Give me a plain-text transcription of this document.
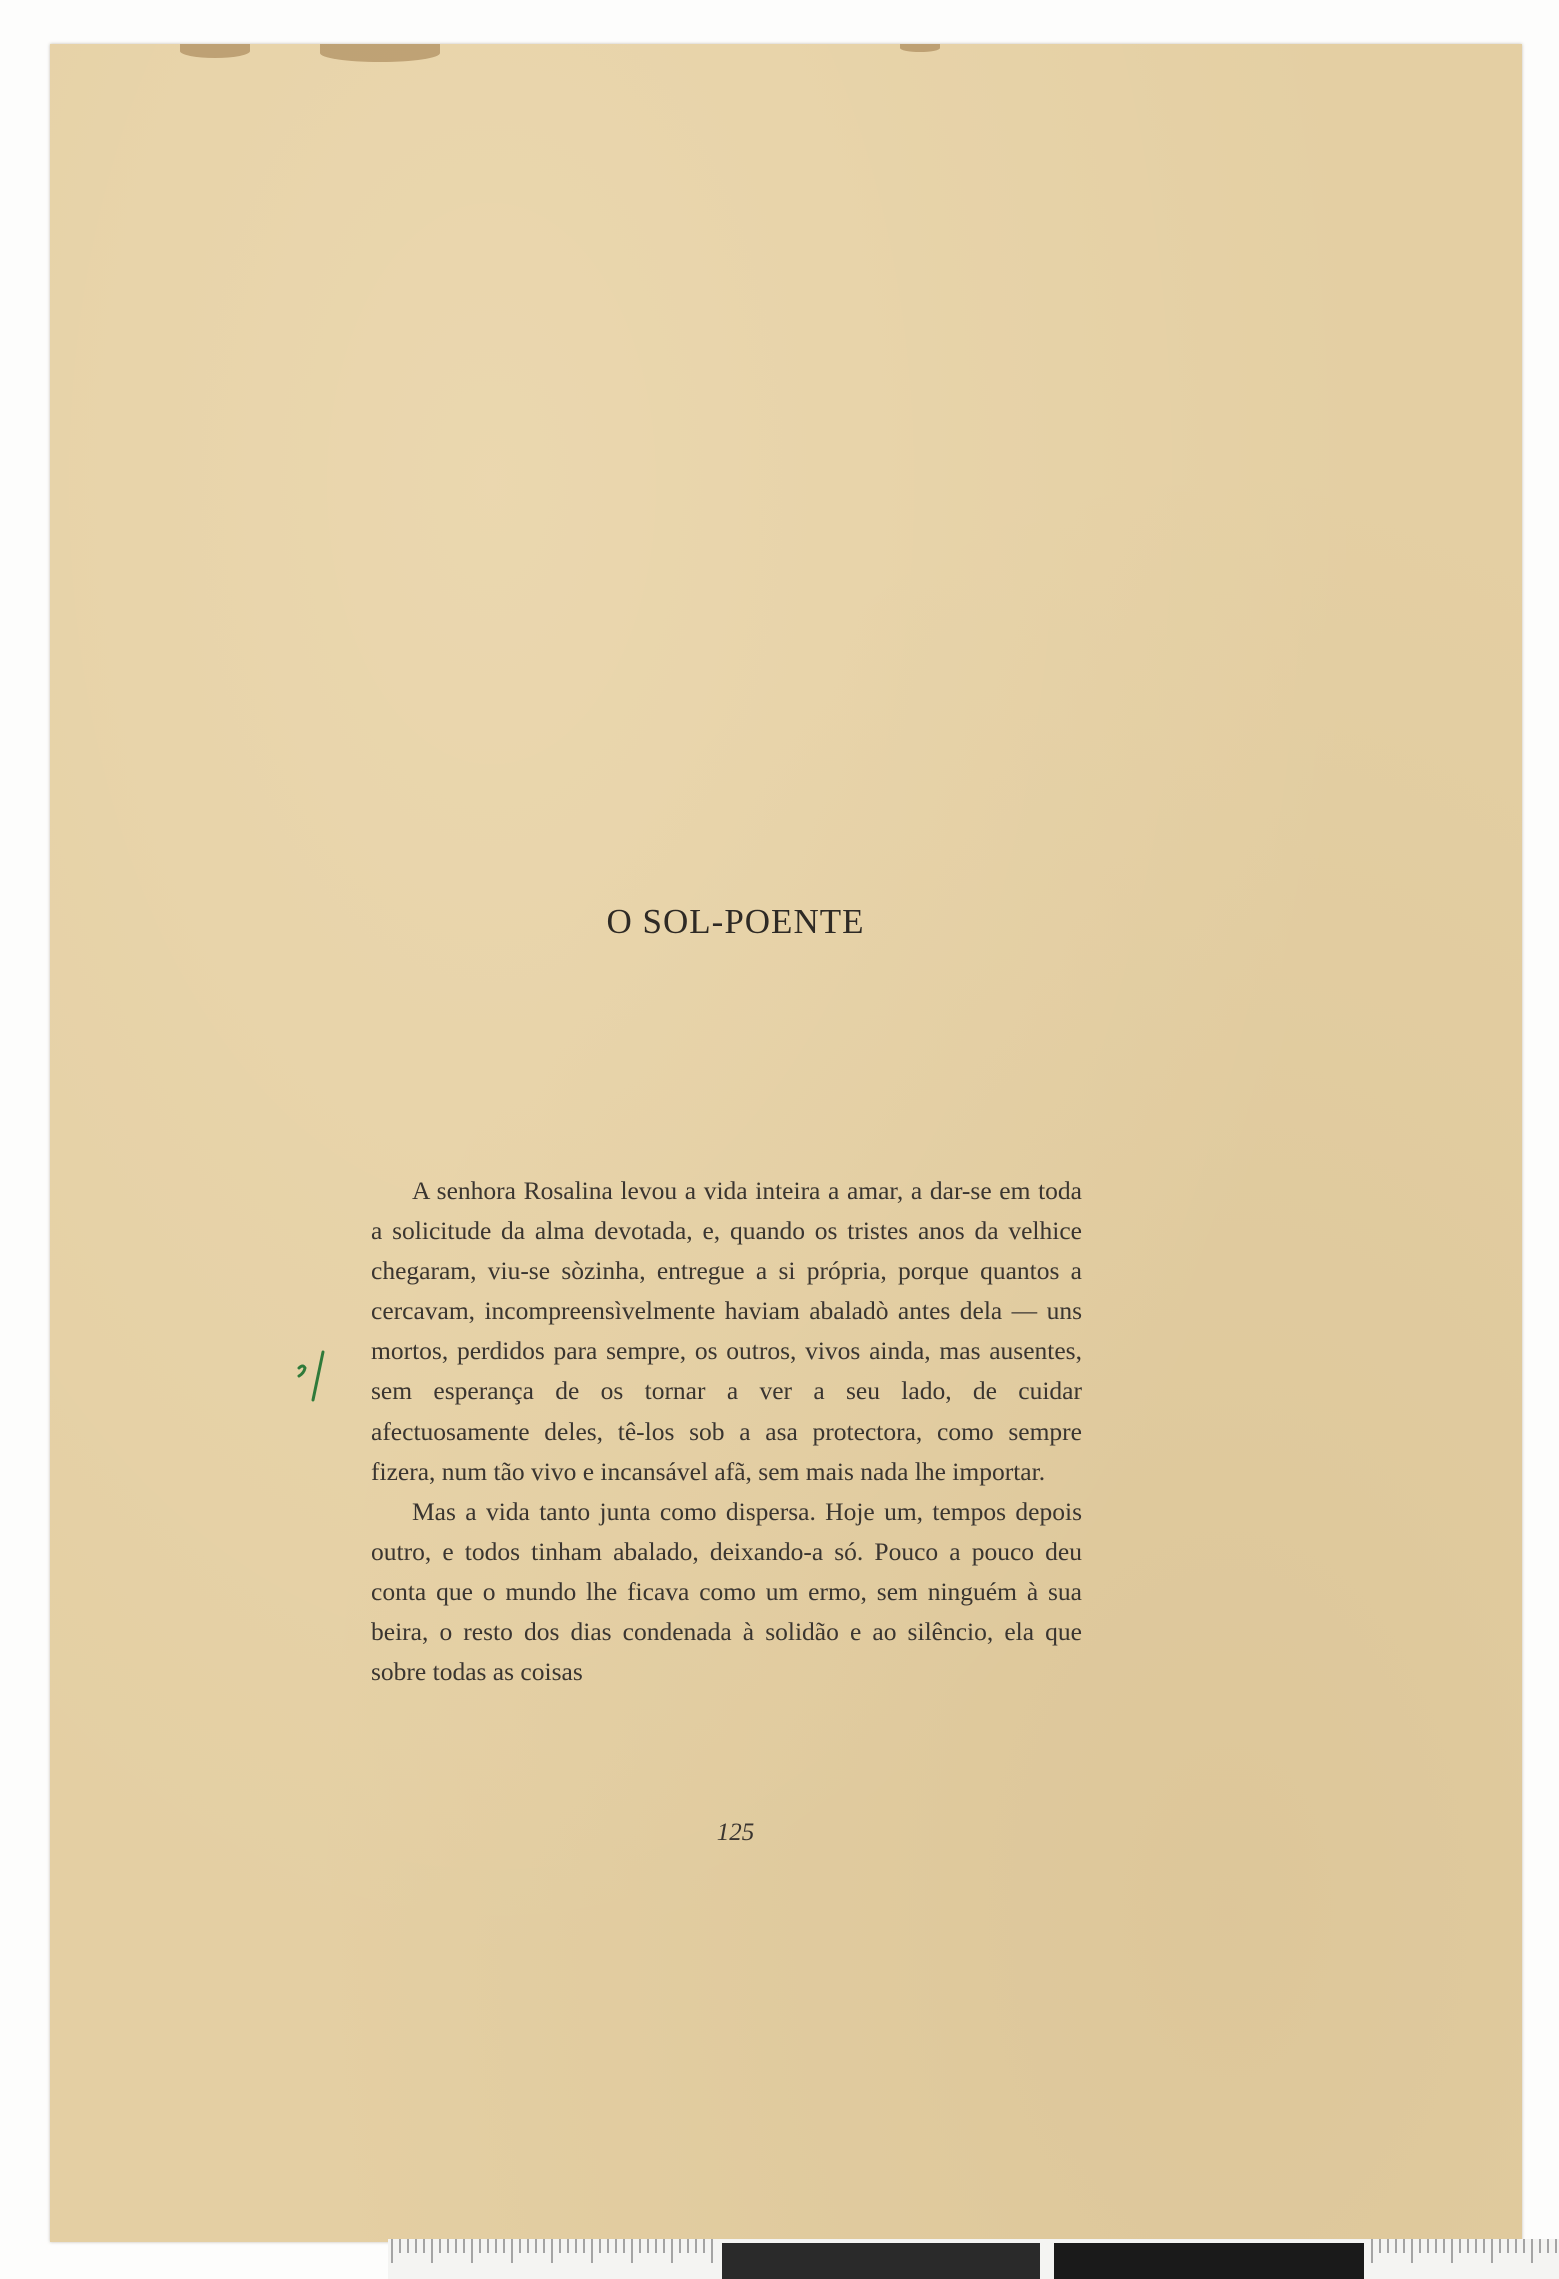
O SOL-POENTE

A senhora Rosalina levou a vida inteira a amar, a dar-se em toda a solicitude da alma devotada, e, quando os tristes anos da velhice chegaram, viu-se sòzinha, entregue a si própria, porque quantos a cercavam, incompreensìvelmente haviam abaladò antes dela — uns mortos, perdidos para sempre, os outros, vivos ainda, mas ausentes, sem esperança de os tornar a ver a seu lado, de cuidar afectuosamente deles, tê-los sob a asa protectora, como sempre fizera, num tão vivo e incansável afã, sem mais nada lhe importar.

Mas a vida tanto junta como dispersa. Hoje um, tempos depois outro, e todos tinham abalado, deixando-a só. Pouco a pouco deu conta que o mundo lhe ficava como um ermo, sem ninguém à sua beira, o resto dos dias condenada à solidão e ao silêncio, ela que sobre todas as coisas

125
